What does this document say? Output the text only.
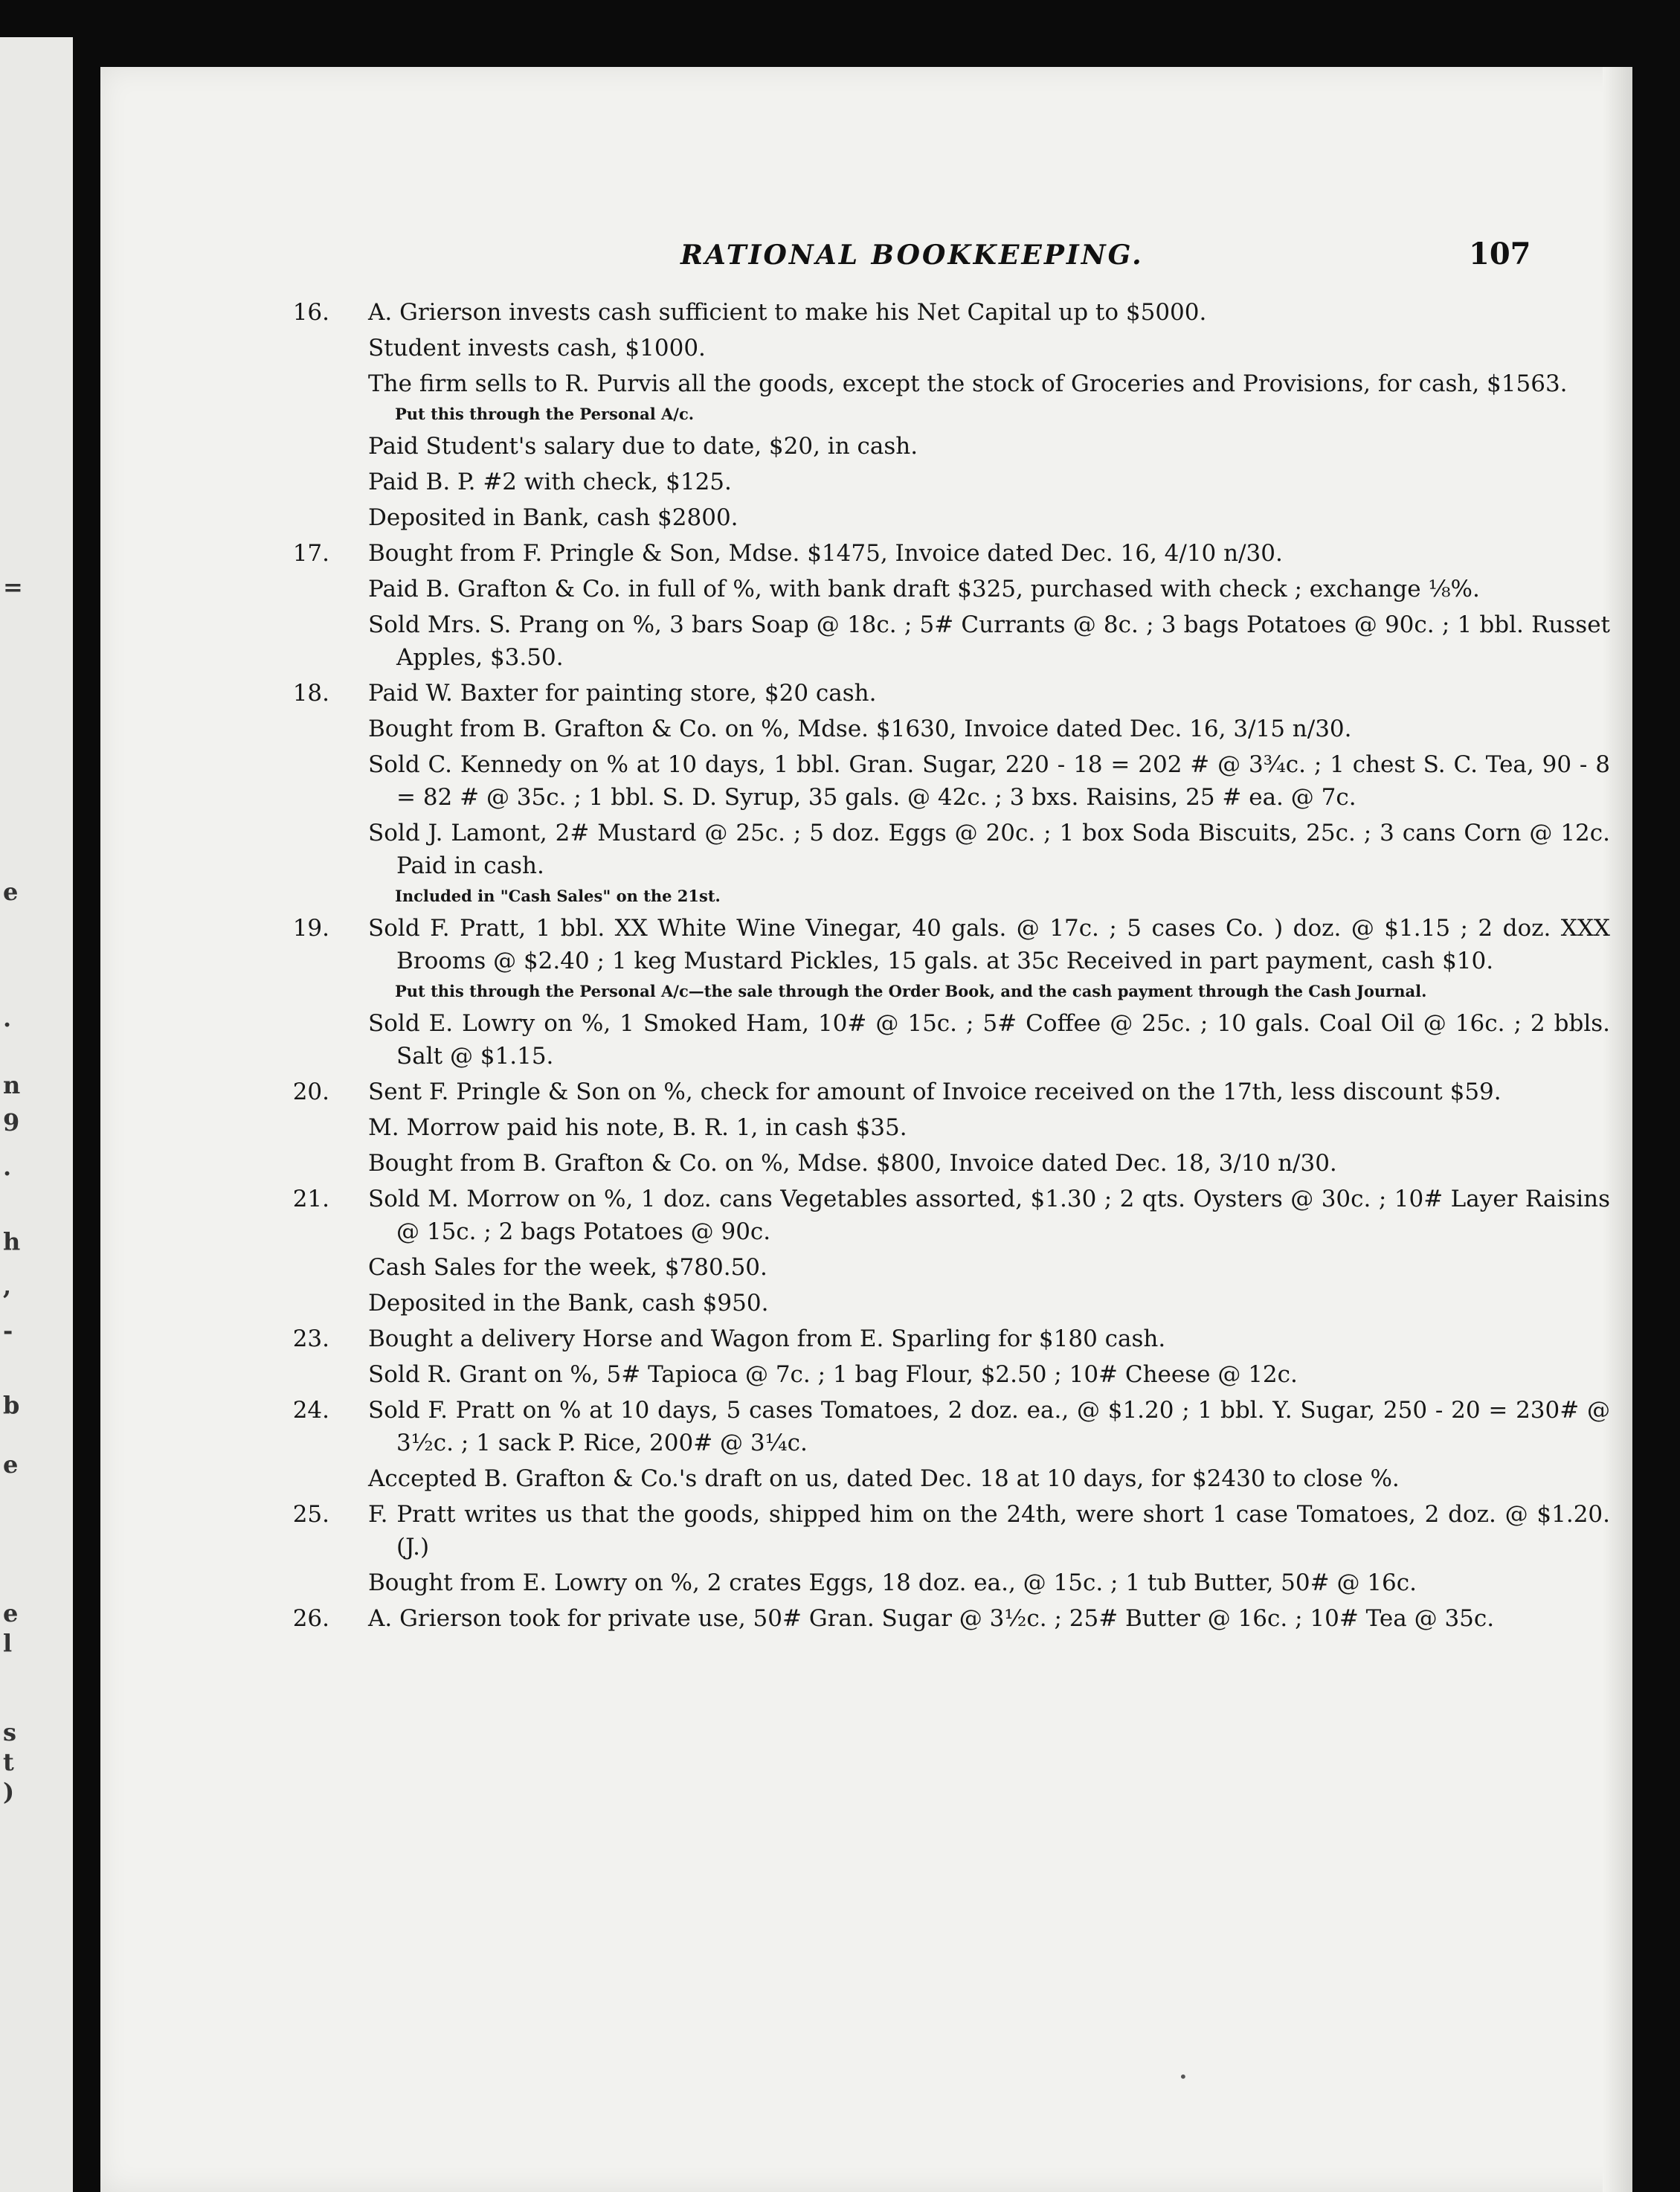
=
e
.
n
9
.
h
,
-
b
e
e
l
s
t
)
RATIONAL BOOKKEEPING.	107
16.	A. Grierson invests cash sufficient to make his Net Capital up to $5000.
Student invests cash, $1000.
The firm sells to R. Purvis all the goods, except the stock of Groceries and Provisions, for cash, $1563.
Put this through the Personal A/c.
Paid Student's salary due to date, $20, in cash.
Paid B. P. #2 with check, $125.
Deposited in Bank, cash $2800.
17.	Bought from F. Pringle & Son, Mdse. $1475, Invoice dated Dec. 16, 4/10 n/30.
Paid B. Grafton & Co. in full of %, with bank draft $325, purchased with check ; exchange ⅛%.
Sold Mrs. S. Prang on %, 3 bars Soap @ 18c. ; 5# Currants @ 8c. ; 3 bags Potatoes @ 90c. ; 1 bbl. Russet Apples, $3.50.
18.	Paid W. Baxter for painting store, $20 cash.
Bought from B. Grafton & Co. on %, Mdse. $1630, Invoice dated Dec. 16, 3/15 n/30.
Sold C. Kennedy on % at 10 days, 1 bbl. Gran. Sugar, 220 - 18 = 202 # @ 3¾c. ; 1 chest S. C. Tea, 90 - 8 = 82 # @ 35c. ; 1 bbl. S. D. Syrup, 35 gals. @ 42c. ; 3 bxs. Raisins, 25 # ea. @ 7c.
Sold J. Lamont, 2# Mustard @ 25c. ; 5 doz. Eggs @ 20c. ; 1 box Soda Biscuits, 25c. ; 3 cans Corn @ 12c. Paid in cash.
Included in "Cash Sales" on the 21st.
19.	Sold F. Pratt, 1 bbl. XX White Wine Vinegar, 40 gals. @ 17c. ; 5 cases Co. ) doz. @ $1.15 ; 2 doz. XXX Brooms @ $2.40 ; 1 keg Mustard Pickles, 15 gals. at 35c Received in part payment, cash $10.
Put this through the Personal A/c—the sale through the Order Book, and the cash payment through the Cash Journal.
Sold E. Lowry on %, 1 Smoked Ham, 10# @ 15c. ; 5# Coffee @ 25c. ; 10 gals. Coal Oil @ 16c. ; 2 bbls. Salt @ $1.15.
20.	Sent F. Pringle & Son on %, check for amount of Invoice received on the 17th, less discount $59.
M. Morrow paid his note, B. R. 1, in cash $35.
Bought from B. Grafton & Co. on %, Mdse. $800, Invoice dated Dec. 18, 3/10 n/30.
21.	Sold M. Morrow on %, 1 doz. cans Vegetables assorted, $1.30 ; 2 qts. Oysters @ 30c. ; 10# Layer Raisins @ 15c. ; 2 bags Potatoes @ 90c.
Cash Sales for the week, $780.50.
Deposited in the Bank, cash $950.
23.	Bought a delivery Horse and Wagon from E. Sparling for $180 cash.
Sold R. Grant on %, 5# Tapioca @ 7c. ; 1 bag Flour, $2.50 ; 10# Cheese @ 12c.
24.	Sold F. Pratt on % at 10 days, 5 cases Tomatoes, 2 doz. ea., @ $1.20 ; 1 bbl. Y. Sugar, 250 - 20 = 230# @ 3½c. ; 1 sack P. Rice, 200# @ 3¼c.
Accepted B. Grafton & Co.'s draft on us, dated Dec. 18 at 10 days, for $2430 to close %.
25.	F. Pratt writes us that the goods, shipped him on the 24th, were short 1 case Tomatoes, 2 doz. @ $1.20. (J.)
Bought from E. Lowry on %, 2 crates Eggs, 18 doz. ea., @ 15c. ; 1 tub Butter, 50# @ 16c.
26.	A. Grierson took for private use, 50# Gran. Sugar @ 3½c. ; 25# Butter @ 16c. ; 10# Tea @ 35c.
•
